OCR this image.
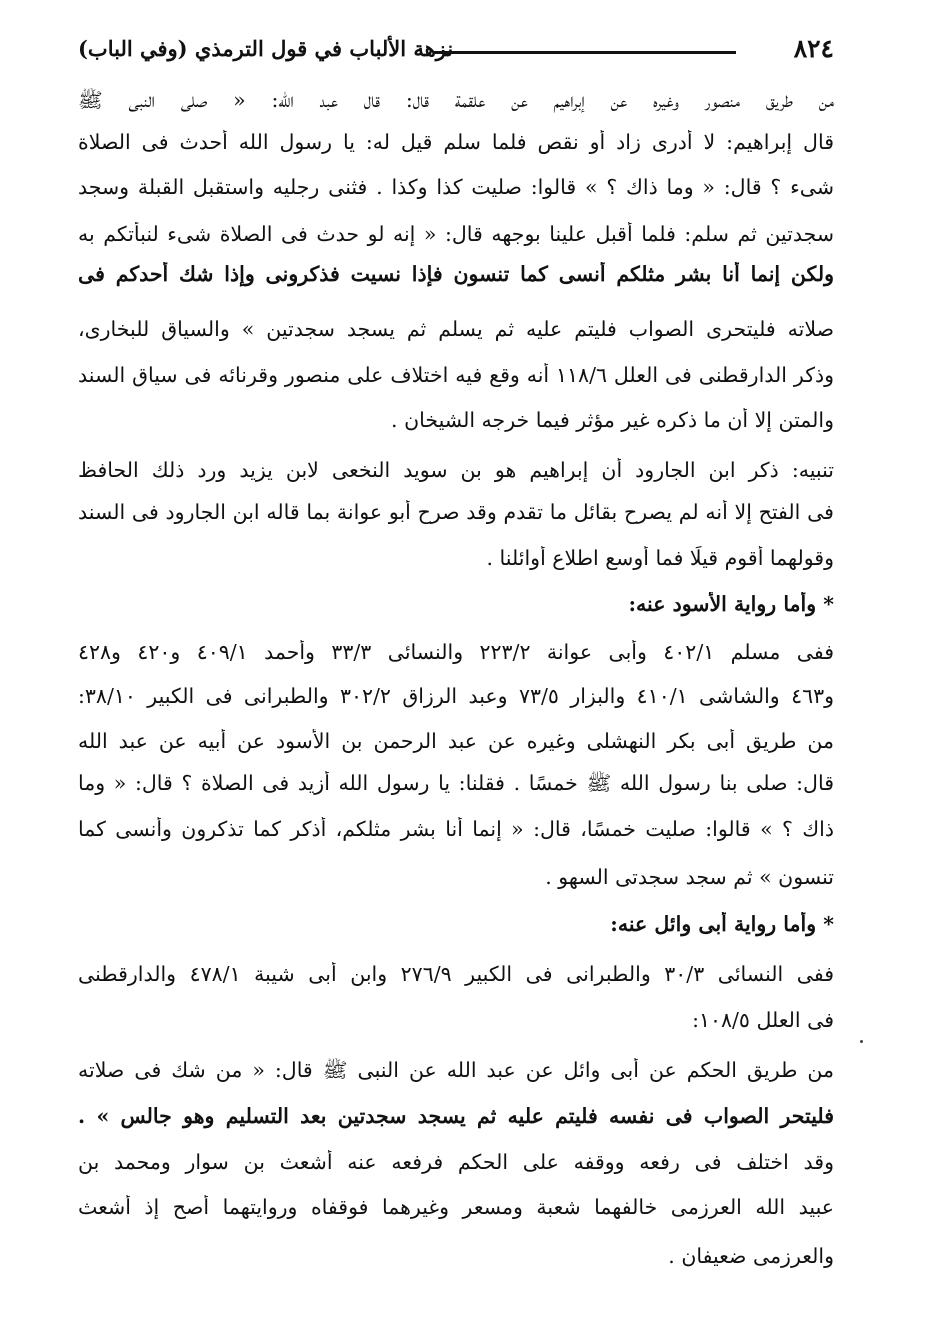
٨٢٤
نزهة الألباب في قول الترمذي (وفي الباب)
من طريق منصور وغيره عن إبراهيم عن علقمة قال: قال عبد الله: « صلى النبى ﷺ
قال إبراهيم: لا أدرى زاد أو نقص فلما سلم قيل له: يا رسول الله أحدث فى الصلاة
شىء ؟ قال: « وما ذاك ؟ » قالوا: صليت كذا وكذا . فثنى رجليه واستقبل القبلة وسجد
سجدتين ثم سلم: فلما أقبل علينا بوجهه قال: « إنه لو حدث فى الصلاة شىء لنبأتكم به
ولكن إنما أنا بشر مثلكم أنسى كما تنسون فإذا نسيت فذكرونى وإذا شك أحدكم فى
صلاته فليتحرى الصواب فليتم عليه ثم يسلم ثم يسجد سجدتين » والسياق للبخارى،
وذكر الدارقطنى فى العلل ١١٨/٦ أنه وقع فيه اختلاف على منصور وقرنائه فى سياق السند
والمتن إلا أن ما ذكره غير مؤثر فيما خرجه الشيخان .
تنبيه: ذكر ابن الجارود أن إبراهيم هو بن سويد النخعى لابن يزيد ورد ذلك الحافظ
فى الفتح إلا أنه لم يصرح بقائل ما تقدم وقد صرح أبو عوانة بما قاله ابن الجارود فى السند
وقولهما أقوم قيلًا فما أوسع اطلاع أوائلنا .
* وأما رواية الأسود عنه:
ففى مسلم ٤٠٢/١ وأبى عوانة ٢٢٣/٢ والنسائى ٣٣/٣ وأحمد ٤٠٩/١ و٤٢٠ و٤٢٨
و٤٦٣ والشاشى ٤١٠/١ والبزار ٧٣/٥ وعبد الرزاق ٣٠٢/٢ والطبرانى فى الكبير ٣٨/١٠:
من طريق أبى بكر النهشلى وغيره عن عبد الرحمن بن الأسود عن أبيه عن عبد الله
قال: صلى بنا رسول الله ﷺ خمسًا . فقلنا: يا رسول الله أزيد فى الصلاة ؟ قال: « وما
ذاك ؟ » قالوا: صليت خمسًا، قال: « إنما أنا بشر مثلكم، أذكر كما تذكرون وأنسى كما
تنسون » ثم سجد سجدتى السهو .
* وأما رواية أبى وائل عنه:
ففى النسائى ٣٠/٣ والطبرانى فى الكبير ٢٧٦/٩ وابن أبى شيبة ٤٧٨/١ والدارقطنى
فى العلل ١٠٨/٥:
من طريق الحكم عن أبى وائل عن عبد الله عن النبى ﷺ قال: « من شك فى صلاته
فليتحر الصواب فى نفسه فليتم عليه ثم يسجد سجدتين بعد التسليم وهو جالس » .
وقد اختلف فى رفعه ووقفه على الحكم فرفعه عنه أشعث بن سوار ومحمد بن
عبيد الله العرزمى خالفهما شعبة ومسعر وغيرهما فوقفاه وروايتهما أصح إذ أشعث
والعرزمى ضعيفان .
